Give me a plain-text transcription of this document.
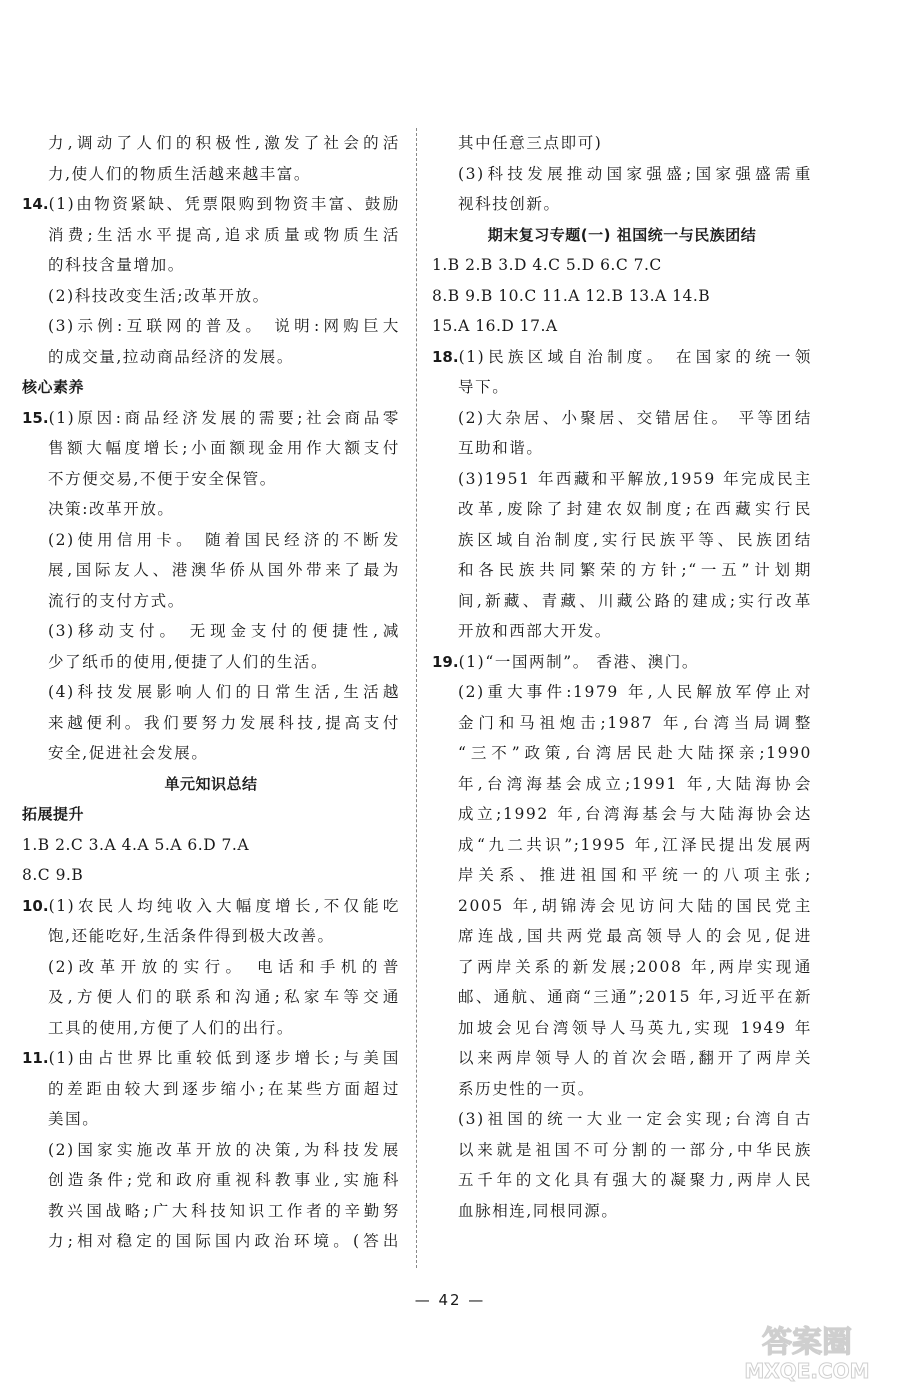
力,调动了人们的积极性,激发了社会的活
力,使人们的物质生活越来越丰富。
14.(1)由物资紧缺、凭票限购到物资丰富、鼓励
消费;生活水平提高,追求质量或物质生活
的科技含量增加。
(2)科技改变生活;改革开放。
(3)示例:互联网的普及。 说明:网购巨大
的成交量,拉动商品经济的发展。
核心素养
15.(1)原因:商品经济发展的需要;社会商品零
售额大幅度增长;小面额现金用作大额支付
不方便交易,不便于安全保管。
决策:改革开放。
(2)使用信用卡。 随着国民经济的不断发
展,国际友人、港澳华侨从国外带来了最为
流行的支付方式。
(3)移动支付。 无现金支付的便捷性,减
少了纸币的使用,便捷了人们的生活。
(4)科技发展影响人们的日常生活,生活越
来越便利。我们要努力发展科技,提高支付
安全,促进社会发展。
单元知识总结
拓展提升
1.B 2.C 3.A 4.A 5.A 6.D 7.A
8.C 9.B
10.(1)农民人均纯收入大幅度增长,不仅能吃
饱,还能吃好,生活条件得到极大改善。
(2)改革开放的实行。 电话和手机的普
及,方便人们的联系和沟通;私家车等交通
工具的使用,方便了人们的出行。
11.(1)由占世界比重较低到逐步增长;与美国
的差距由较大到逐步缩小;在某些方面超过
美国。
(2)国家实施改革开放的决策,为科技发展
创造条件;党和政府重视科教事业,实施科
教兴国战略;广大科技知识工作者的辛勤努
力;相对稳定的国际国内政治环境。(答出
其中任意三点即可)
(3)科技发展推动国家强盛;国家强盛需重
视科技创新。
期末复习专题(一) 祖国统一与民族团结
1.B 2.B 3.D 4.C 5.D 6.C 7.C
8.B 9.B 10.C 11.A 12.B 13.A 14.B
15.A 16.D 17.A
18.(1)民族区域自治制度。 在国家的统一领
导下。
(2)大杂居、小聚居、交错居住。 平等团结
互助和谐。
(3)1951 年西藏和平解放,1959 年完成民主
改革,废除了封建农奴制度;在西藏实行民
族区域自治制度,实行民族平等、民族团结
和各民族共同繁荣的方针;“一五”计划期
间,新藏、青藏、川藏公路的建成;实行改革
开放和西部大开发。
19.(1)“一国两制”。 香港、澳门。
(2)重大事件:1979 年,人民解放军停止对
金门和马祖炮击;1987 年,台湾当局调整
“三不”政策,台湾居民赴大陆探亲;1990
年,台湾海基会成立;1991 年,大陆海协会
成立;1992 年,台湾海基会与大陆海协会达
成“九二共识”;1995 年,江泽民提出发展两
岸关系、推进祖国和平统一的八项主张;
2005 年,胡锦涛会见访问大陆的国民党主
席连战,国共两党最高领导人的会见,促进
了两岸关系的新发展;2008 年,两岸实现通
邮、通航、通商“三通”;2015 年,习近平在新
加坡会见台湾领导人马英九,实现 1949 年
以来两岸领导人的首次会晤,翻开了两岸关
系历史性的一页。
(3)祖国的统一大业一定会实现;台湾自古
以来就是祖国不可分割的一部分,中华民族
五千年的文化具有强大的凝聚力,两岸人民
血脉相连,同根同源。
— 42 —
答案圈
MXQE.COM
